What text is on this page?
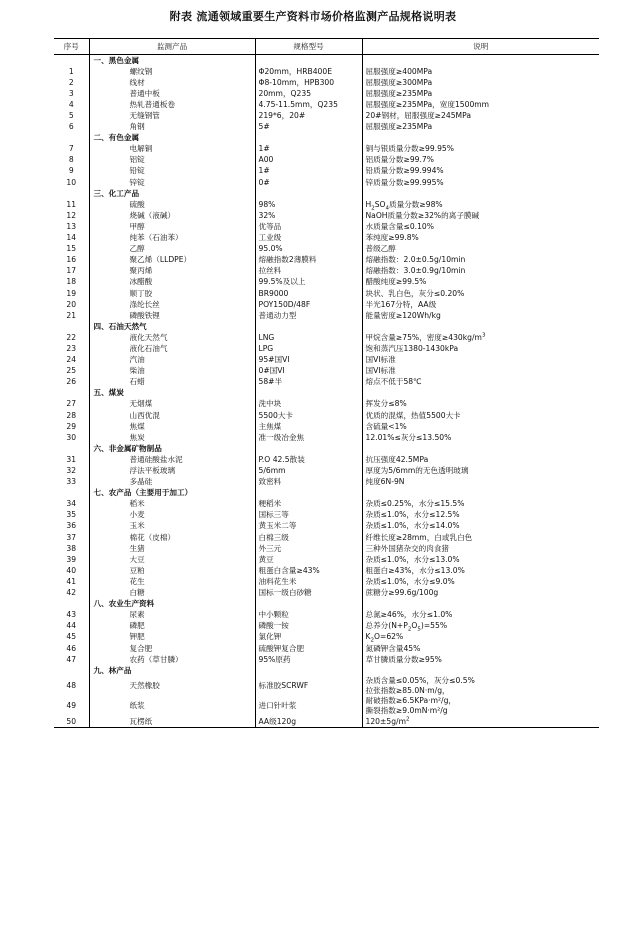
附表 流通领域重要生产资料市场价格监测产品规格说明表
序号	监测产品	规格型号	说明
	一、黑色金属		
1	螺纹钢	Φ20mm，HRB400E	屈服强度≥400MPa
2	线材	Φ8-10mm，HPB300	屈服强度≥300MPa
3	普通中板	20mm，Q235	屈服强度≥235MPa
4	热轧普通板卷	4.75-11.5mm，Q235	屈服强度≥235MPa，宽度1500mm
5	无缝钢管	219*6，20#	20#钢材，屈服强度≥245MPa
6	角钢	5#	屈服强度≥235MPa
	二、有色金属		
7	电解铜	1#	铜与银质量分数≥99.95%
8	铝锭	A00	铝质量分数≥99.7%
9	铅锭	1#	铅质量分数≥99.994%
10	锌锭	0#	锌质量分数≥99.995%
	三、化工产品		
11	硫酸	98%	$H_2SO_4$质量分数≥98%
12	烧碱（液碱）	32%	NaOH质量分数≥32%的离子膜碱
13	甲醇	优等品	水质量含量≤0.10%
14	纯苯（石油苯）	工业级	苯纯度≥99.8%
15	乙醇	95.0%	普级乙醇
16	聚乙烯（LLDPE）	熔融指数2薄膜料	熔融指数：2.0±0.5g/10min
17	聚丙烯	拉丝料	熔融指数：3.0±0.9g/10min
18	冰醋酸	99.5%及以上	醋酸纯度≥99.5%
19	顺丁胶	BR9000	块状、乳白色，灰分≤0.20%
20	涤纶长丝	POY150D/48F	半光167分特，AA级
21	磷酸铁锂	普通动力型	能量密度≥120Wh/kg
	四、石油天然气		
22	液化天然气	LNG	甲烷含量≥75%，密度$\ge 430kg/m^3$
23	液化石油气	LPG	饱和蒸汽压1380-1430kPa
24	汽油	95#国VI	国VI标准
25	柴油	0#国VI	国VI标准
26	石蜡	58#半	熔点不低于58℃
	五、煤炭		
27	无烟煤	洗中块	挥发分≤8%
28	山西优混	5500大卡	优质的混煤，热值5500大卡
29	焦煤	主焦煤	含硫量<1%
30	焦炭	准一级冶金焦	12.01%≤灰分≤13.50%
	六、非金属矿物制品		
31	普通硅酸盐水泥	P.O 42.5散装	抗压强度42.5MPa
32	浮法平板玻璃	5/6mm	厚度为5/6mm的无色透明玻璃
33	多晶硅	致密料	纯度6N-9N
	七、农产品（主要用于加工）		
34	稻米	粳稻米	杂质≤0.25%，水分≤15.5%
35	小麦	国标三等	杂质≤1.0%，水分≤12.5%
36	玉米	黄玉米二等	杂质≤1.0%，水分≤14.0%
37	棉花（皮棉）	白棉三级	纤维长度≥28mm，白或乳白色
38	生猪	外三元	三种外国猪杂交的肉食猪
39	大豆	黄豆	杂质≤1.0%，水分≤13.0%
40	豆粕	粗蛋白含量≥43%	粗蛋白≥43%，水分≤13.0%
41	花生	油料花生米	杂质≤1.0%，水分≤9.0%
42	白糖	国标一级白砂糖	蔗糖分≥99.6g/100g
	八、农业生产资料		
43	尿素	中小颗粒	总氮≥46%，水分≤1.0%
44	磷肥	磷酸一铵	总养分$(N+P_2O_5)=55\%$
45	钾肥	氯化钾	$K_2O=62\%$
46	复合肥	硫酸钾复合肥	氮磷钾含量45%
47	农药（草甘膦）	95%原药	草甘膦质量分数≥95%
	九、林产品		
48	天然橡胶	标准胶SCRWF	杂质含量≤0.05%，灰分≤0.5%
拉张指数≥85.0N·m/g，
49	纸浆	进口针叶浆	耐破指数≥6.5KPa·m²/g，
撕裂指数≥9.0mN·m²/g
50	瓦楞纸	AA级120g	$120\pm 5g/m^2$
